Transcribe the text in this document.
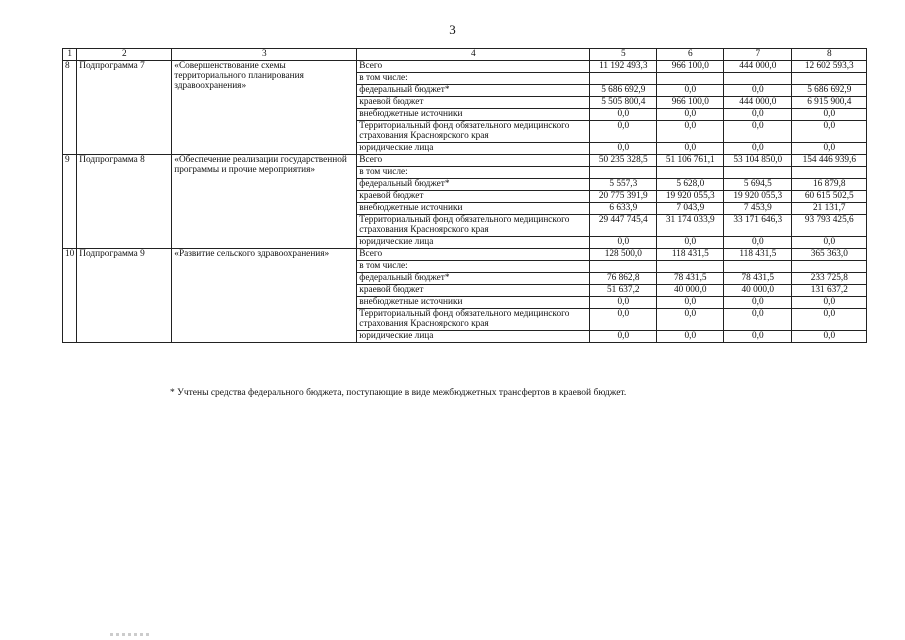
3
1	2	3	4	5	6	7	8
8	Подпрограмма 7	«Совершенствование схемы территориального планирования здравоохранения»	Всего	11 192 493,3	966 100,0	444 000,0	12 602 593,3
			в том числе:				
			федеральный бюджет*	5 686 692,9	0,0	0,0	5 686 692,9
			краевой бюджет	5 505 800,4	966 100,0	444 000,0	6 915 900,4
			внебюджетные источники	0,0	0,0	0,0	0,0
			Территориальный фонд обязательного медицинского страхования Красноярского края	0,0	0,0	0,0	0,0
			юридические лица	0,0	0,0	0,0	0,0
9	Подпрограмма 8	«Обеспечение реализации государственной программы и прочие мероприятия»	Всего	50 235 328,5	51 106 761,1	53 104 850,0	154 446 939,6
			в том числе:				
			федеральный бюджет*	5 557,3	5 628,0	5 694,5	16 879,8
			краевой бюджет	20 775 391,9	19 920 055,3	19 920 055,3	60 615 502,5
			внебюджетные источники	6 633,9	7 043,9	7 453,9	21 131,7
			Территориальный фонд обязательного медицинского страхования Красноярского края	29 447 745,4	31 174 033,9	33 171 646,3	93 793 425,6
			юридические лица	0,0	0,0	0,0	0,0
10	Подпрограмма 9	«Развитие сельского здравоохранения»	Всего	128 500,0	118 431,5	118 431,5	365 363,0
			в том числе:				
			федеральный бюджет*	76 862,8	78 431,5	78 431,5	233 725,8
			краевой бюджет	51 637,2	40 000,0	40 000,0	131 637,2
			внебюджетные источники	0,0	0,0	0,0	0,0
			Территориальный фонд обязательного медицинского страхования Красноярского края	0,0	0,0	0,0	0,0
			юридические лица	0,0	0,0	0,0	0,0
* Учтены средства федерального бюджета, поступающие в виде межбюджетных трансфертов в краевой бюджет.
